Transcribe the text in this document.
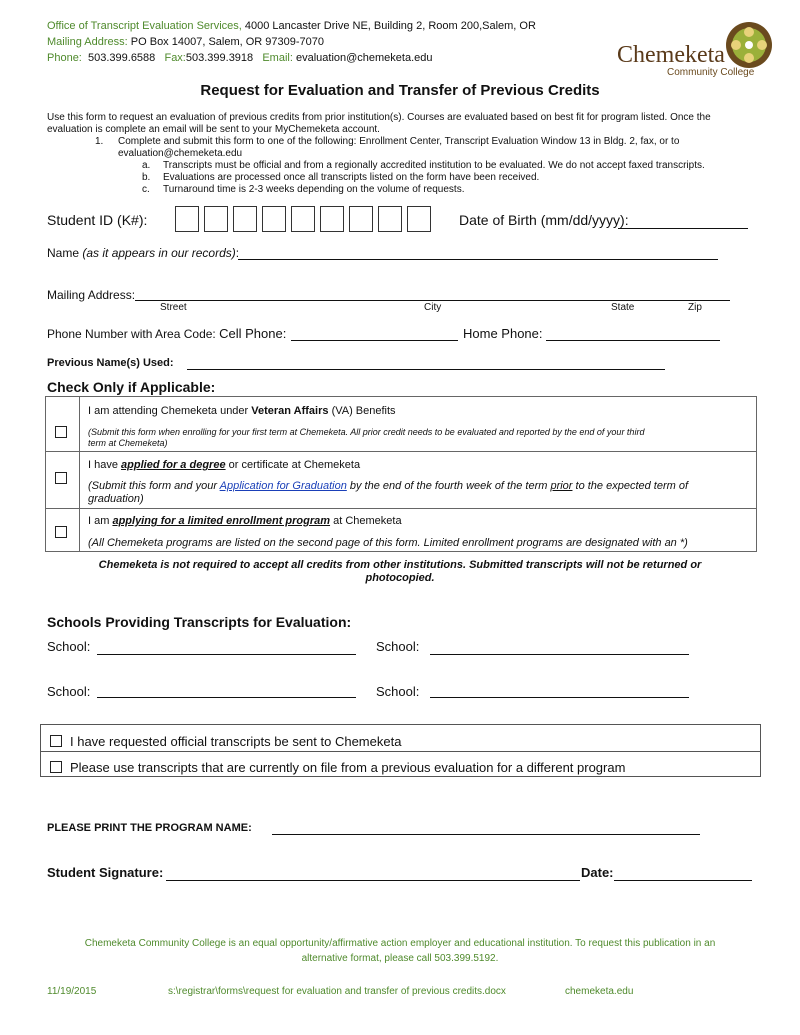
Office of Transcript Evaluation Services, 4000 Lancaster Drive NE, Building 2, Room 200,Salem, OR
Mailing Address: PO Box 14007, Salem, OR 97309-7070
Phone: 503.399.6588 Fax:503.399.3918 Email: evaluation@chemeketa.edu	Chemeketa
Community College
Request for Evaluation and Transfer of Previous Credits
Use this form to request an evaluation of previous credits from prior institution(s). Courses are evaluated based on best fit for program listed. Once the
evaluation is complete an email will be sent to your MyChemeketa account.
1. Complete and submit this form to one of the following: Enrollment Center, Transcript Evaluation Window 13 in Bldg. 2, fax, or to
evaluation@chemeketa.edu
a. Transcripts must be official and from a regionally accredited institution to be evaluated. We do not accept faxed transcripts.
b. Evaluations are processed once all transcripts listed on the form have been received.
c. Turnaround time is 2-3 weeks depending on the volume of requests.
Student ID (K#):	Date of Birth (mm/dd/yyyy):
Name (as it appears in our records):
Mailing Address:
Street	City	State	Zip
Phone Number with Area Code: Cell Phone:	Home Phone:
Previous Name(s) Used:
Check Only if Applicable:
I am attending Chemeketa under Veteran Affairs (VA) Benefits
(Submit this form when enrolling for your first term at Chemeketa. All prior credit needs to be evaluated and reported by the end of your third
term at Chemeketa)
I have applied for a degree or certificate at Chemeketa
(Submit this form and your Application for Graduation by the end of the fourth week of the term prior to the expected term of
graduation)
I am applying for a limited enrollment program at Chemeketa
(All Chemeketa programs are listed on the second page of this form. Limited enrollment programs are designated with an *)
Chemeketa is not required to accept all credits from other institutions. Submitted transcripts will not be returned or
photocopied.
Schools Providing Transcripts for Evaluation:
School:	School:
School:	School:
I have requested official transcripts be sent to Chemeketa
Please use transcripts that are currently on file from a previous evaluation for a different program
PLEASE PRINT THE PROGRAM NAME:
Student Signature:	Date:
Chemeketa Community College is an equal opportunity/affirmative action employer and educational institution. To request this publication in an
alternative format, please call 503.399.5192.
11/19/2015	s:\registrar\forms\request for evaluation and transfer of previous credits.docx	chemeketa.edu
